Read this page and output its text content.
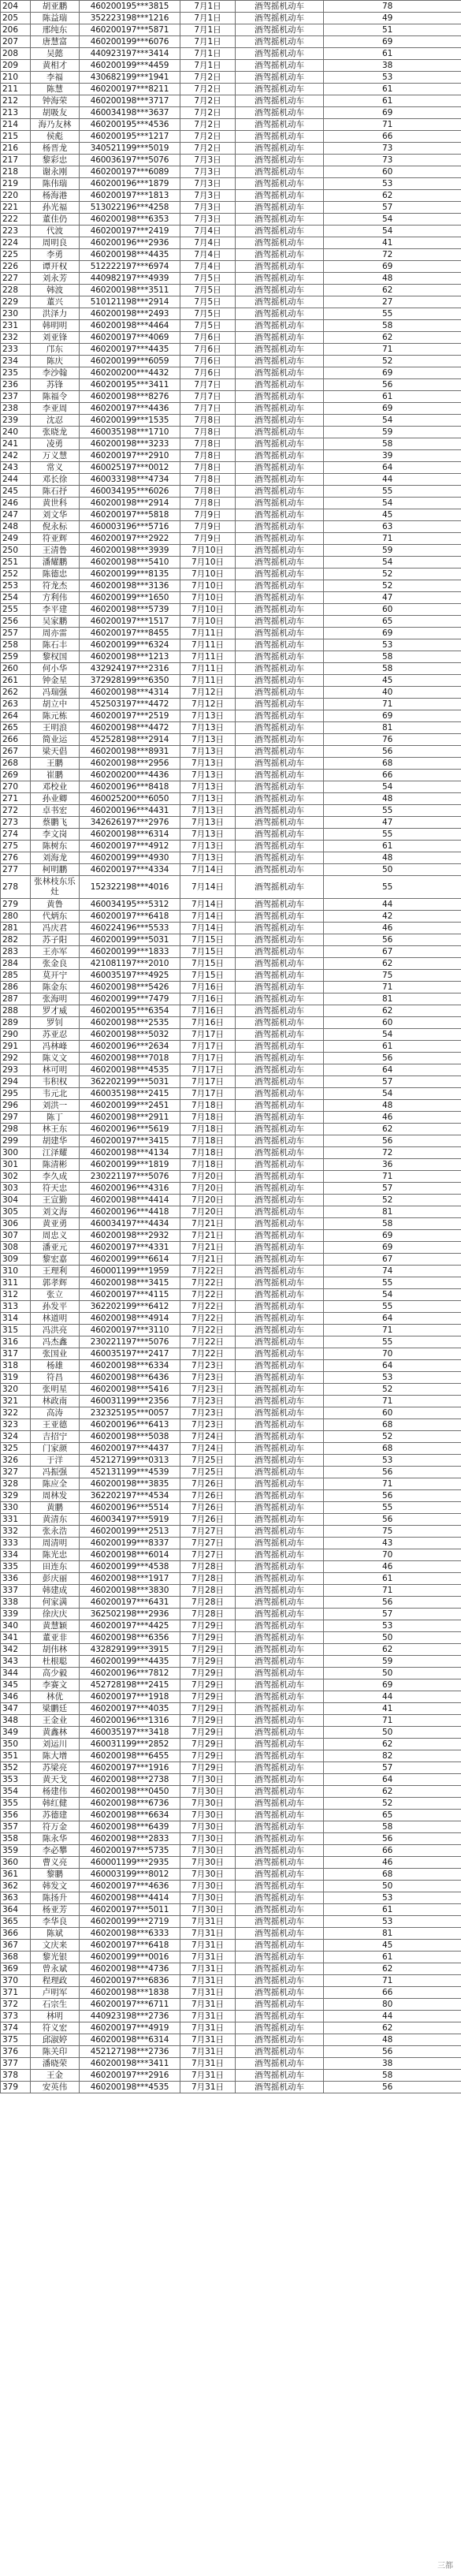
204	胡亚鹏	460200195***3815	7月1日	酒驾摇机动车	78
205	陈益瑞	352223198***1216	7月1日	酒驾摇机动车	49
206	邢纯东	460200197***5871	7月1日	酒驾摇机动车	51
207	唐慧富	460200199***6076	7月1日	酒驾摇机动车	69
208	吴懿	440923197***3414	7月1日	酒驾摇机动车	61
209	黄相才	460200199***4459	7月1日	酒驾摇机动车	38
210	李福	430682199***1941	7月2日	酒驾摇机动车	53
211	陈慧	460200197***8211	7月2日	酒驾摇机动车	61
212	钟海荣	460200198***3717	7月2日	酒驾摇机动车	61
213	胡吸友	460034198***3637	7月2日	酒驾摇机动车	69
214	海乃友林	460200195***4536	7月2日	酒驾摇机动车	71
215	侯彪	460200195***1217	7月2日	酒驾摇机动车	66
216	杨晋龙	340521199***5019	7月2日	酒驾摇机动车	73
217	黎彩忠	460036197***5076	7月3日	酒驾摇机动车	73
218	谢永刚	460200197***6089	7月3日	酒驾摇机动车	60
219	陈伟瑞	460200196***1879	7月3日	酒驾摇机动车	53
220	杨海港	460200197***1813	7月3日	酒驾摇机动车	62
221	孙光福	513022196***4258	7月3日	酒驾摇机动车	57
222	董佳仍	460200198***6353	7月3日	酒驾摇机动车	54
223	代波	460200197***2419	7月4日	酒驾摇机动车	54
224	周明良	460200196***2936	7月4日	酒驾摇机动车	41
225	李勇	460200198***4435	7月4日	酒驾摇机动车	72
226	谭开权	512222197***6974	7月4日	酒驾摇机动车	69
227	刘永芳	440982197***4939	7月5日	酒驾摇机动车	48
228	韩波	460200198***3511	7月5日	酒驾摇机动车	62
229	董兴	510121198***2914	7月5日	酒驾摇机动车	27
230	洪泽力	460200198***2493	7月5日	酒驾摇机动车	55
231	韩明明	460200198***4464	7月5日	酒驾摇机动车	58
232	刘亚锋	460200197***4069	7月6日	酒驾摇机动车	62
233	邝东	460200197***4435	7月6日	酒驾摇机动车	71
234	陈庆	460200199***6059	7月6日	酒驾摇机动车	52
235	李沙翰	460200200***4432	7月6日	酒驾摇机动车	69
236	苏锋	460200195***3411	7月7日	酒驾摇机动车	56
237	陈福令	460200198***8276	7月7日	酒驾摇机动车	61
238	李亚周	460200197***4436	7月7日	酒驾摇机动车	69
239	沈忍	460200199***1535	7月8日	酒驾摇机动车	54
240	张晓龙	460035198***1710	7月8日	酒驾摇机动车	59
241	凌勇	460200198***3233	7月8日	酒驾摇机动车	58
242	万义慧	460200197***2910	7月8日	酒驾摇机动车	39
243	常义	460025197***0012	7月8日	酒驾摇机动车	64
244	邓长徐	460033198***4734	7月8日	酒驾摇机动车	44
245	陈石抒	460034195***6026	7月8日	酒驾摇机动车	55
246	黄世科	460200198***2914	7月8日	酒驾摇机动车	54
247	刘文华	460200197***5818	7月9日	酒驾摇机动车	45
248	倪永标	460003196***5716	7月9日	酒驾摇机动车	63
249	符亚辉	460200197***2922	7月9日	酒驾摇机动车	71
250	王清鲁	460200198***3939	7月10日	酒驾摇机动车	59
251	潘耀鹏	460200198***5410	7月10日	酒驾摇机动车	54
252	陈德忠	460200199***8135	7月10日	酒驾摇机动车	52
253	符龙杰	460200198***3136	7月10日	酒驾摇机动车	52
254	方利伟	460200199***1650	7月10日	酒驾摇机动车	47
255	李平建	460200198***5739	7月10日	酒驾摇机动车	60
256	吴家鹏	460200197***1517	7月10日	酒驾摇机动车	65
257	周亦雷	460200197***8455	7月11日	酒驾摇机动车	69
258	陈石丰	460200199***6324	7月11日	酒驾摇机动车	53
259	黎权国	460200198***1213	7月11日	酒驾摇机动车	58
260	何小华	432924197***2316	7月11日	酒驾摇机动车	58
261	钟金星	372928199***6350	7月11日	酒驾摇机动车	45
262	冯瑞强	460200198***4314	7月12日	酒驾摇机动车	40
263	胡立中	452503197***4472	7月12日	酒驾摇机动车	71
264	陈元栋	460200197***2519	7月13日	酒驾摇机动车	69
265	王明浪	460200198***4472	7月13日	酒驾摇机动车	81
266	简业运	452528198***2914	7月13日	酒驾摇机动车	76
267	梁天倡	460200198***8931	7月13日	酒驾摇机动车	56
268	王鹏	460200198***2956	7月13日	酒驾摇机动车	68
269	崔鹏	460200200***4436	7月13日	酒驾摇机动车	66
270	邓校业	460200196***8418	7月13日	酒驾摇机动车	54
271	孙业卿	460025200***6050	7月13日	酒驾摇机动车	48
272	卓书宏	460200196***4431	7月13日	酒驾摇机动车	55
273	蔡鹏飞	342626197***2976	7月13日	酒驾摇机动车	47
274	李文岗	460200198***6314	7月13日	酒驾摇机动车	55
275	陈树东	460200197***4912	7月13日	酒驾摇机动车	61
276	刘海龙	460200199***4930	7月13日	酒驾摇机动车	48
277	柯明鹏	460200197***4334	7月14日	酒驾摇机动车	50
278	张林枝东乐灶	152322198***4016	7月14日	酒驾摇机动车	55
279	黄鲁	460034195***5312	7月14日	酒驾摇机动车	44
280	代炳东	460200197***6418	7月14日	酒驾摇机动车	42
281	冯庆君	460224196***5533	7月14日	酒驾摇机动车	46
282	苏子阳	460200199***5031	7月15日	酒驾摇机动车	56
283	王亦军	460200199***1833	7月15日	酒驾摇机动车	67
284	张金良	421081197***2010	7月15日	酒驾摇机动车	62
285	莫开宁	460035197***4925	7月15日	酒驾摇机动车	75
286	陈金东	460200198***5426	7月16日	酒驾摇机动车	71
287	张海明	460200199***7479	7月16日	酒驾摇机动车	81
288	罗才威	460200195***6354	7月16日	酒驾摇机动车	62
289	罗钊	460200198***2535	7月16日	酒驾摇机动车	60
290	苏亚忍	460200198***5032	7月17日	酒驾摇机动车	54
291	冯林峰	460200196***2634	7月17日	酒驾摇机动车	61
292	陈义文	460200198***7018	7月17日	酒驾摇机动车	56
293	林可明	460200198***4535	7月17日	酒驾摇机动车	64
294	韦积权	362202199***5031	7月17日	酒驾摇机动车	57
295	韦元北	460035198***2415	7月17日	酒驾摇机动车	54
296	刘洪一	460200199***2451	7月18日	酒驾摇机动车	48
297	陈丁	460200198***2911	7月18日	酒驾摇机动车	46
298	林王东	460200196***5619	7月18日	酒驾摇机动车	62
299	胡建华	460200197***3415	7月18日	酒驾摇机动车	56
300	江泽耀	460200198***4134	7月18日	酒驾摇机动车	72
301	陈清彬	460200199***1819	7月18日	酒驾摇机动车	36
302	李久成	230221197***5076	7月20日	酒驾摇机动车	71
303	符天忠	460200196***4316	7月20日	酒驾摇机动车	57
304	王宣勤	460200198***4414	7月20日	酒驾摇机动车	52
305	刘文海	460200196***4418	7月20日	酒驾摇机动车	81
306	黄亚勇	460034197***4434	7月21日	酒驾摇机动车	58
307	周忠义	460200198***2932	7月21日	酒驾摇机动车	69
308	潘亚元	460200197***4331	7月21日	酒驾摇机动车	69
309	黎宏嘉	460200199***6614	7月21日	酒驾摇机动车	67
310	王理利	460001199***1959	7月22日	酒驾摇机动车	74
311	郭孝辉	460200198***3415	7月22日	酒驾摇机动车	55
312	张立	460200197***4115	7月22日	酒驾摇机动车	54
313	孙发平	362202199***6412	7月22日	酒驾摇机动车	55
314	林道明	460200198***4914	7月22日	酒驾摇机动车	64
315	冯洪亮	460200197***3110	7月22日	酒驾摇机动车	71
316	冯杰鑫	230221197***5076	7月22日	酒驾摇机动车	55
317	张国业	460035197***2417	7月22日	酒驾摇机动车	70
318	杨雄	460200198***6334	7月23日	酒驾摇机动车	64
319	符昌	460200198***6436	7月23日	酒驾摇机动车	53
320	张明星	460200198***5416	7月23日	酒驾摇机动车	52
321	林政南	460031199***2356	7月23日	酒驾摇机动车	71
322	高涛	232325195***0057	7月23日	酒驾摇机动车	60
323	王亚德	460200196***6413	7月23日	酒驾摇机动车	68
324	吉招宁	460200198***5038	7月24日	酒驾摇机动车	52
325	门家颜	460200197***4437	7月24日	酒驾摇机动车	68
326	于洋	452127199***0313	7月25日	酒驾摇机动车	53
327	冯振强	452131199***4539	7月25日	酒驾摇机动车	56
328	陈应全	460200198***3835	7月26日	酒驾摇机动车	71
329	周林发	362202197***4534	7月26日	酒驾摇机动车	56
330	黄鹏	460200196***5514	7月26日	酒驾摇机动车	55
331	黄清东	460034197***5919	7月26日	酒驾摇机动车	56
332	张永浩	460200199***2513	7月27日	酒驾摇机动车	75
333	周清明	460200199***8337	7月27日	酒驾摇机动车	43
334	陈光忠	460200198***6014	7月27日	酒驾摇机动车	70
335	田连东	460200199***4538	7月28日	酒驾摇机动车	46
336	彭庆丽	460200198***1917	7月28日	酒驾摇机动车	61
337	韩建成	460200198***3830	7月28日	酒驾摇机动车	71
338	何家满	460200197***6431	7月28日	酒驾摇机动车	56
339	徐庆庆	362502198***2936	7月28日	酒驾摇机动车	57
340	黄慧颖	460200197***4425	7月29日	酒驾摇机动车	53
341	董亚非	460200198***6356	7月29日	酒驾摇机动车	50
342	胡伟林	432829199***3915	7月29日	酒驾摇机动车	62
343	杜根聪	460200199***4435	7月29日	酒驾摇机动车	59
344	高少毅	460200196***7812	7月29日	酒驾摇机动车	50
345	李赛文	452728198***2415	7月29日	酒驾摇机动车	69
346	林优	460200197***1918	7月29日	酒驾摇机动车	44
347	梁鹏廷	460200197***4035	7月29日	酒驾摇机动车	41
348	王金业	460200196***1316	7月29日	酒驾摇机动车	71
349	黄鑫林	460035197***3418	7月29日	酒驾摇机动车	50
350	刘运川	460031199***2852	7月29日	酒驾摇机动车	62
351	陈大增	460200198***6455	7月29日	酒驾摇机动车	82
352	苏梁亮	460200197***1916	7月29日	酒驾摇机动车	57
353	黄天戈	460200198***2738	7月30日	酒驾摇机动车	64
354	杨建伟	460200198***0450	7月30日	酒驾摇机动车	62
355	韩红健	460200198***6736	7月30日	酒驾摇机动车	52
356	苏德建	460200198***6634	7月30日	酒驾摇机动车	65
357	符万金	460200198***6439	7月30日	酒驾摇机动车	58
358	陈永华	460200198***2833	7月30日	酒驾摇机动车	56
359	李必攀	460200197***5735	7月30日	酒驾摇机动车	66
360	曹义亮	460001199***2935	7月30日	酒驾摇机动车	46
361	黎鹏	460003199***8012	7月30日	酒驾摇机动车	68
362	韩发文	460200197***4636	7月30日	酒驾摇机动车	50
363	陈扬升	460200198***4414	7月30日	酒驾摇机动车	53
364	杨亚芳	460200197***5011	7月30日	酒驾摇机动车	61
365	李华良	460200199***2719	7月31日	酒驾摇机动车	53
366	陈斌	460200198***6333	7月31日	酒驾摇机动车	81
367	文庆来	460200197***6418	7月31日	酒驾摇机动车	45
368	黎光银	460200199***0016	7月31日	酒驾摇机动车	61
369	曾永斌	460200198***4736	7月31日	酒驾摇机动车	62
370	程理政	460200197***6836	7月31日	酒驾摇机动车	71
371	卢明军	460200198***1838	7月31日	酒驾摇机动车	66
372	石宗生	460200197***6711	7月31日	酒驾摇机动车	80
373	林明	440923198***2736	7月31日	酒驾摇机动车	44
374	符义宏	460200197***4919	7月31日	酒驾摇机动车	62
375	邱淑婷	460200198***6314	7月31日	酒驾摇机动车	48
376	陈关印	452127198***2736	7月31日	酒驾摇机动车	56
377	潘晓荣	460200198***3411	7月31日	酒驾摇机动车	38
378	王金	460200197***2916	7月31日	酒驾摇机动车	58
379	安英伟	460200198***4535	7月31日	酒驾摇机动车	56
三都
